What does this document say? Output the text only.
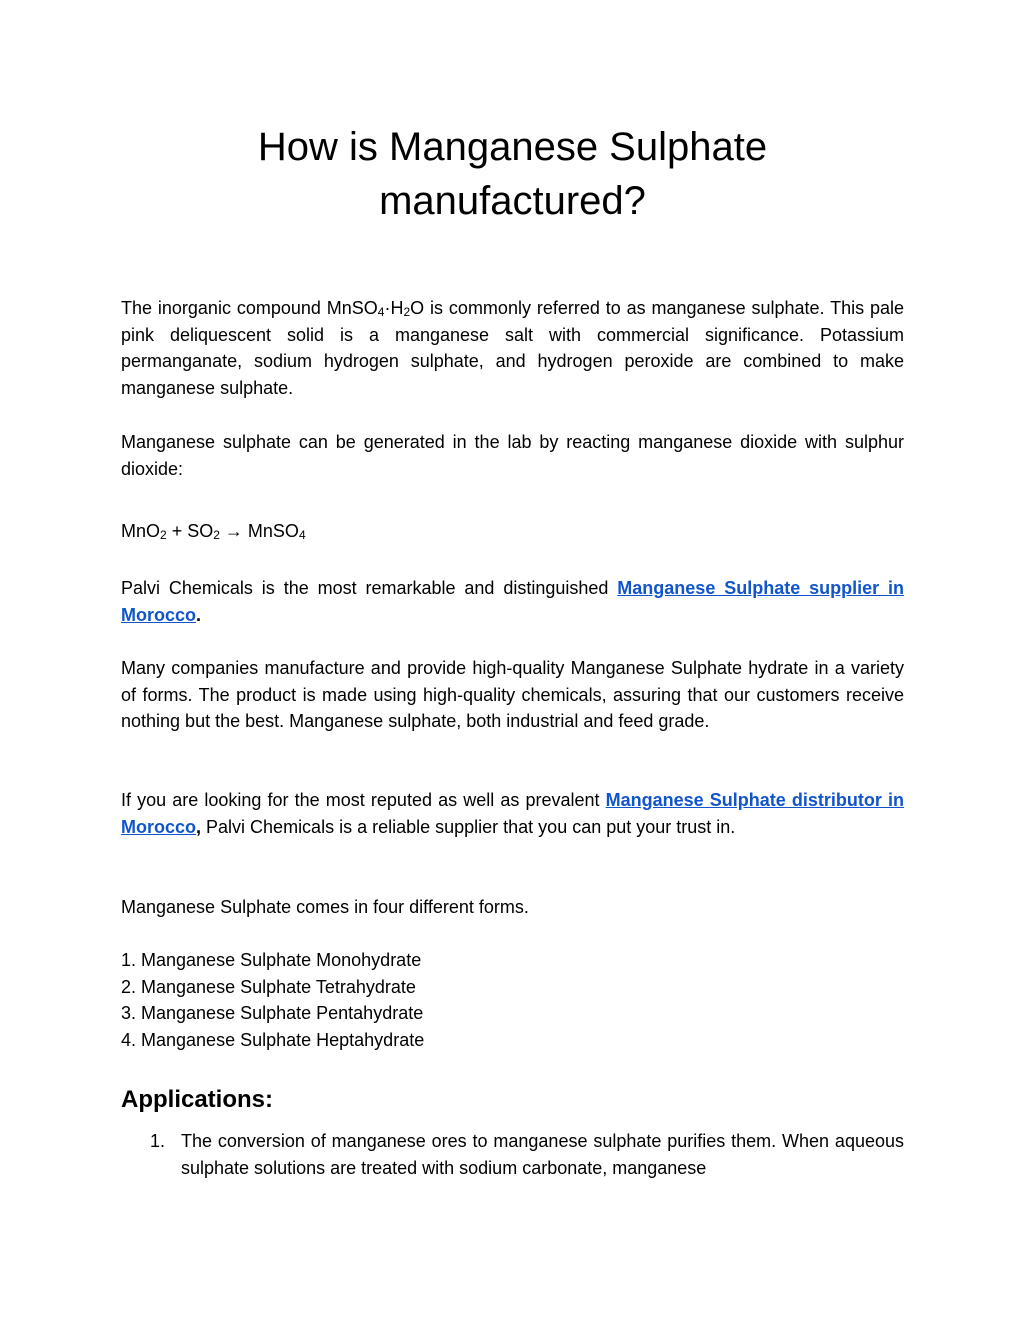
How is Manganese Sulphate
manufactured?

The inorganic compound $MnSO_4\cdot H_2O$ is commonly referred to as manganese sulphate. This pale pink deliquescent solid is a manganese salt with commercial significance. Potassium permanganate, sodium hydrogen sulphate, and hydrogen peroxide are combined to make manganese sulphate.

Manganese sulphate can be generated in the lab by reacting manganese dioxide with sulphur dioxide:

$MnO_2 + SO_2$ → MnSO$_4$

Palvi Chemicals is the most remarkable and distinguished Manganese Sulphate supplier in Morocco.

Many companies manufacture and provide high-quality Manganese Sulphate hydrate in a variety of forms. The product is made using high-quality chemicals, assuring that our customers receive nothing but the best. Manganese sulphate, both industrial and feed grade.

If you are looking for the most reputed as well as prevalent Manganese Sulphate distributor in Morocco, Palvi Chemicals is a reliable supplier that you can put your trust in.

Manganese Sulphate comes in four different forms.

1. Manganese Sulphate Monohydrate
2. Manganese Sulphate Tetrahydrate
3. Manganese Sulphate Pentahydrate
4. Manganese Sulphate Heptahydrate
Applications:
1. The conversion of manganese ores to manganese sulphate purifies them. When aqueous sulphate solutions are treated with sodium carbonate, manganese
